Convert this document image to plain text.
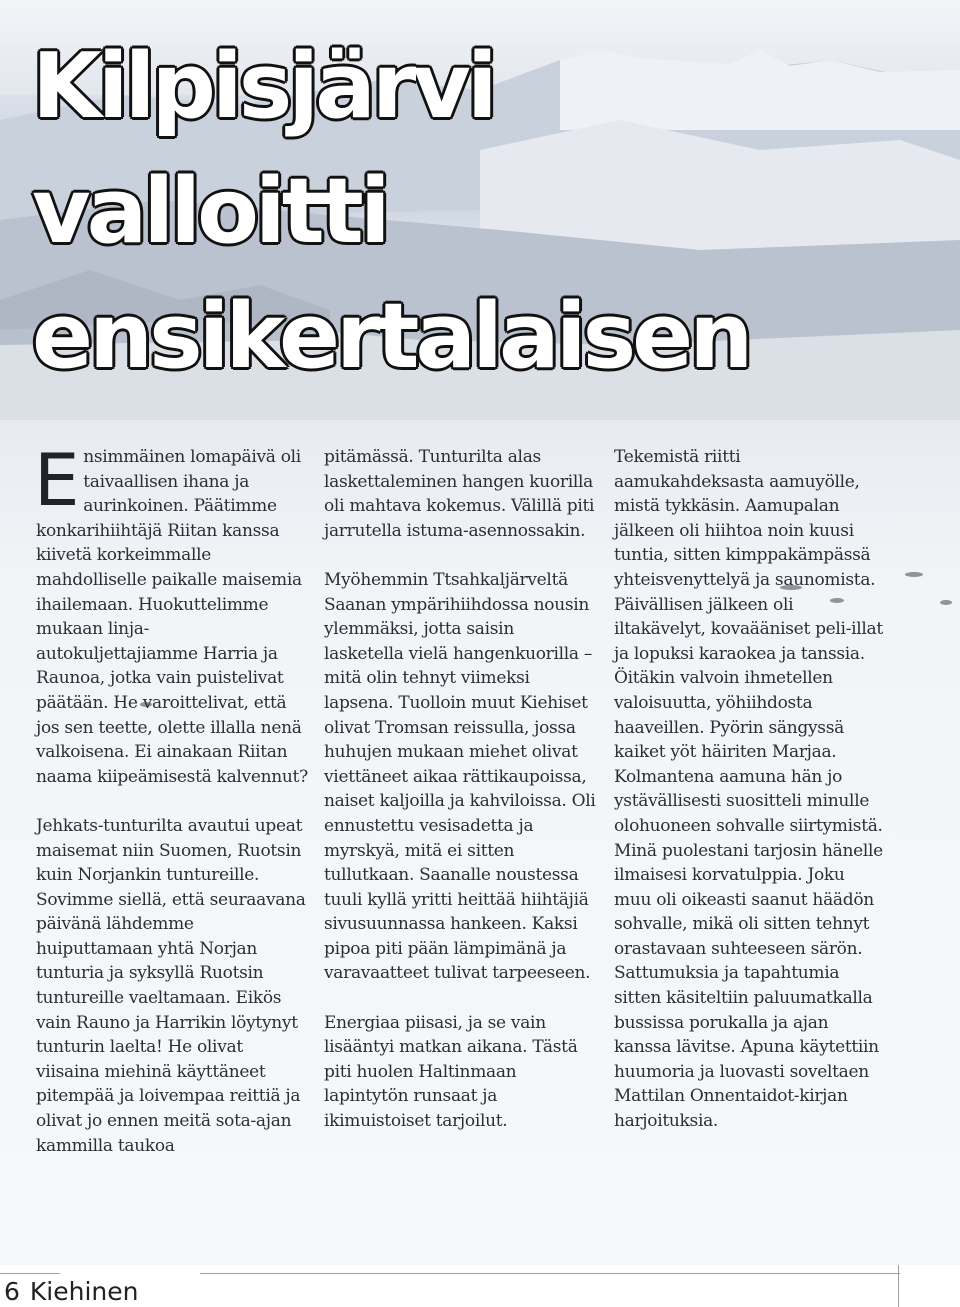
Kilpisjärvi
valloitti
ensikertalaisen

Ensimmäinen lomapäivä oli taivaallisen ihana ja aurinkoinen. Päätimme konkarihiihtäjä Riitan kanssa kiivetä korkeimmalle mahdolliselle paikalle maisemia ihailemaan. Huokuttelimme mukaan linja-autokuljettajiamme Harria ja Raunoa, jotka vain puistelivat päätään. He varoittelivat, että jos sen teette, olette illalla nenä valkoisena. Ei ainakaan Riitan naama kiipeämisestä kalvennut?

Jehkats-tunturilta avautui upeat maisemat niin Suomen, Ruotsin kuin Norjankin tuntureille. Sovimme siellä, että seuraavana päivänä lähdemme huiputtamaan yhtä Norjan tunturia ja syksyllä Ruotsin tuntureille vaeltamaan. Eikös vain Rauno ja Harrikin löytynyt tunturin laelta! He olivat viisaina miehinä käyttäneet pitempää ja loivempaa reittiä ja olivat jo ennen meitä sota-ajan kammilla taukoa

pitämässä. Tunturilta alas laskettaleminen hangen kuorilla oli mahtava kokemus. Välillä piti jarrutella istuma-asennossakin.

Myöhemmin Ttsahkaljärveltä Saanan ympärihiihdossa nousin ylemmäksi, jotta saisin lasketella vielä hangenkuorilla – mitä olin tehnyt viimeksi lapsena. Tuolloin muut Kiehiset olivat Tromsan reissulla, jossa huhujen mukaan miehet olivat viettäneet aikaa rättikaupoissa, naiset kaljoilla ja kahviloissa. Oli ennustettu vesisadetta ja myrskyä, mitä ei sitten tullutkaan. Saanalle noustessa tuuli kyllä yritti heittää hiihtäjiä sivusuunnassa hankeen. Kaksi pipoa piti pään lämpimänä ja varavaatteet tulivat tarpeeseen.

Energiaa piisasi, ja se vain lisääntyi matkan aikana. Tästä piti huolen Haltinmaan lapintytön runsaat ja ikimuistoiset tarjoilut.

Tekemistä riitti aamukahdeksasta aamuyölle, mistä tykkäsin. Aamupalan jälkeen oli hiihtoa noin kuusi tuntia, sitten kimppakämpässä yhteisvenyttelyä ja saunomista. Päivällisen jälkeen oli iltakävelyt, kovaääniset peli-illat ja lopuksi karaokea ja tanssia. Öitäkin valvoin ihmetellen valoisuutta, yöhiihdosta haaveillen. Pyörin sängyssä kaiket yöt häiriten Marjaa. Kolmantena aamuna hän jo ystävällisesti suositteli minulle olohuoneen sohvalle siirtymistä. Minä puolestani tarjosin hänelle ilmaisesi korvatulppia. Joku muu oli oikeasti saanut häädön sohvalle, mikä oli sitten tehnyt orastavaan suhteeseen särön. Sattumuksia ja tapahtumia sitten käsiteltiin paluumatkalla bussissa porukalla ja ajan kanssa lävitse. Apuna käytettiin huumoria ja luovasti soveltaen Mattilan Onnentaidot-kirjan harjoituksia.

6 Kiehinen
